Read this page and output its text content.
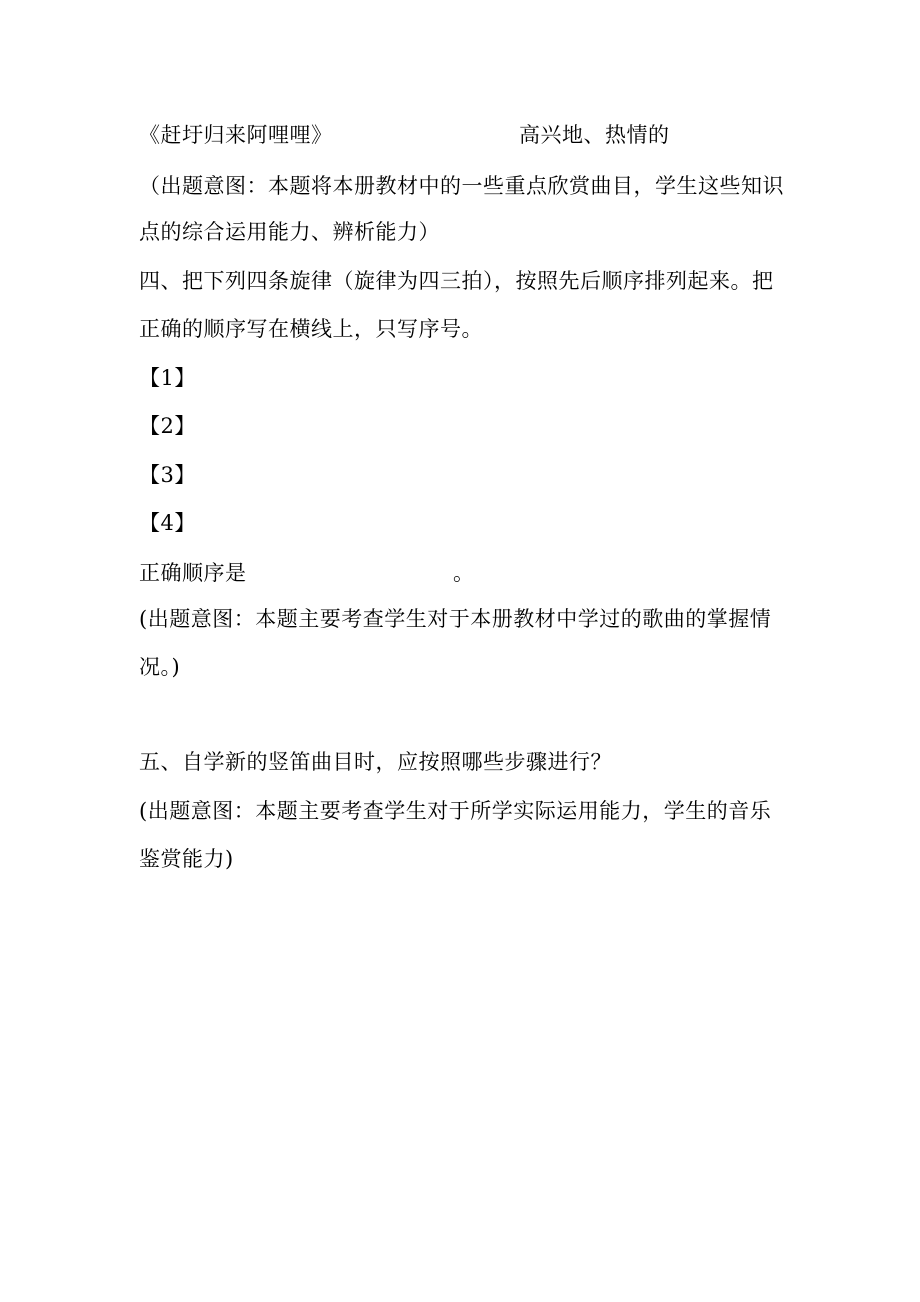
《赶圩归来阿哩哩》	高兴地、热情的
（出题意图：本题将本册教材中的一些重点欣赏曲目，学生这些知识
点的综合运用能力、辨析能力）
四、把下列四条旋律（旋律为四三拍），按照先后顺序排列起来。把
正确的顺序写在横线上，只写序号。
【1】
【2】
【3】
【4】
正确顺序是	。
(出题意图：本题主要考查学生对于本册教材中学过的歌曲的掌握情
况。)
五、自学新的竖笛曲目时，应按照哪些步骤进行？
(出题意图：本题主要考查学生对于所学实际运用能力，学生的音乐
鉴赏能力)
